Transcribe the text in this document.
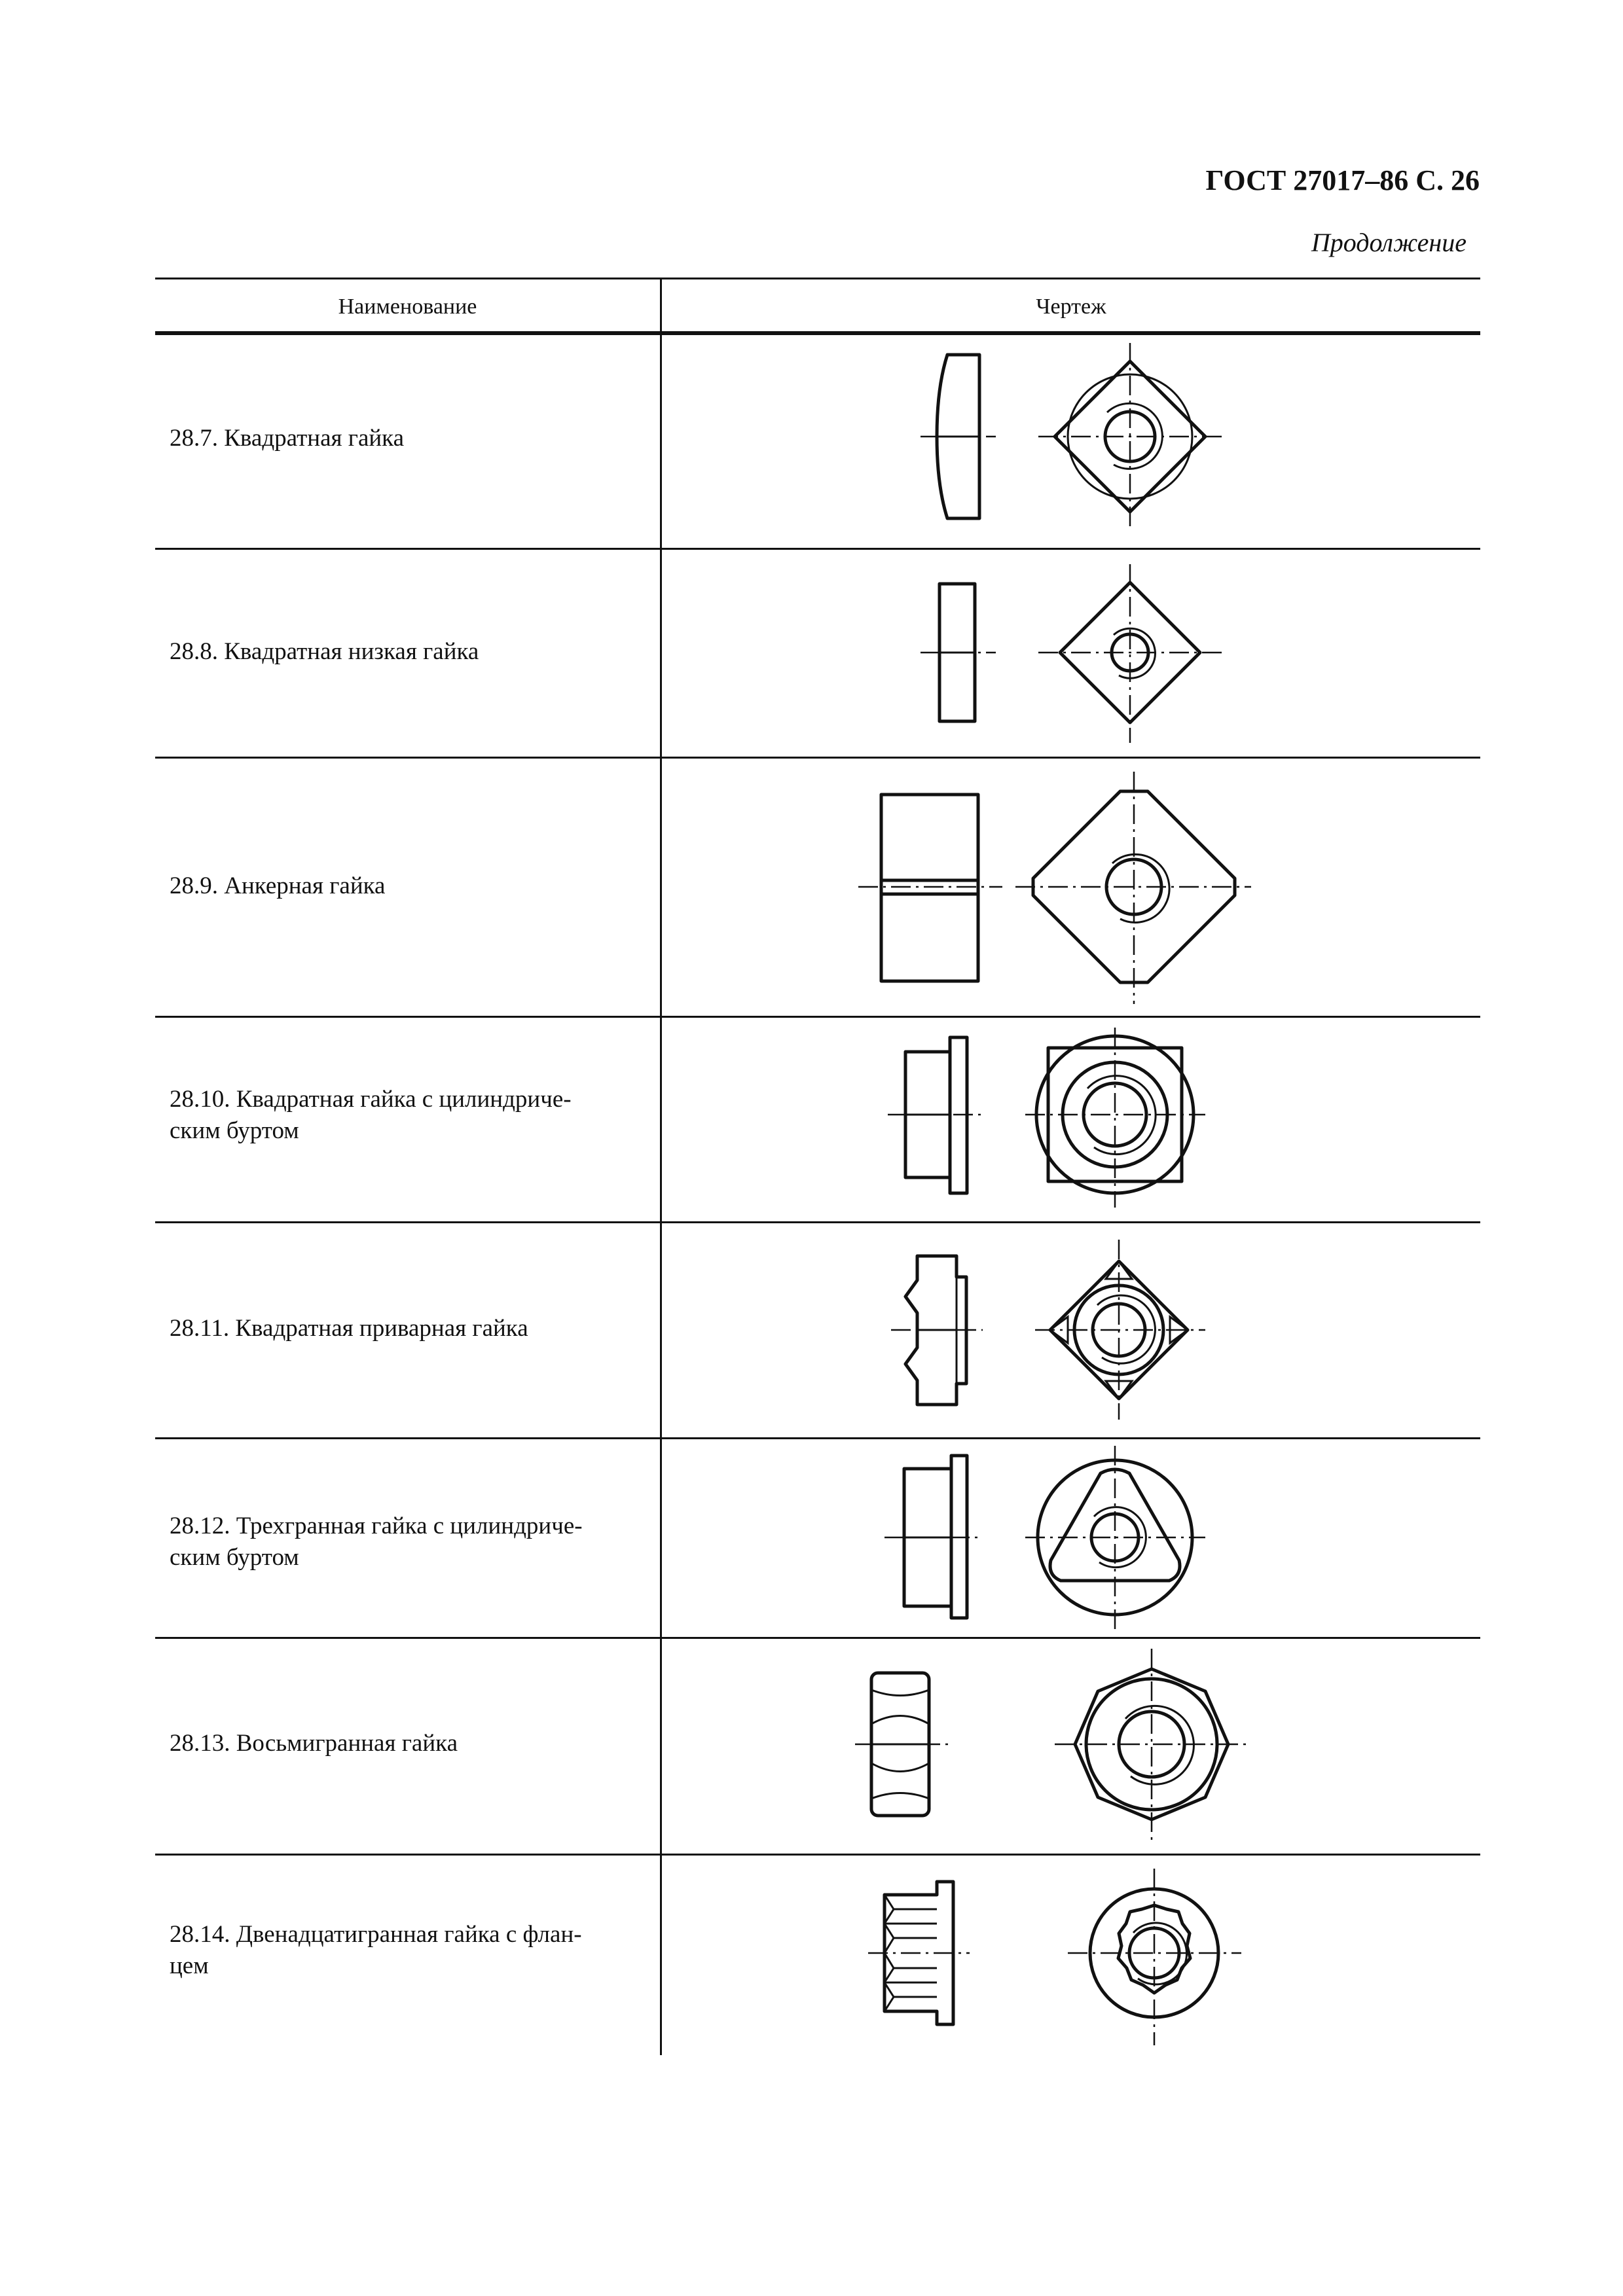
ГОСТ 27017–86 С. 26
Продолжение
Наименование	Чертеж
28.7. Квадратная гайка
28.8. Квадратная низкая гайка
28.9. Анкерная гайка
28.10. Квадратная гайка с цилиндриче-
ским буртом
28.11. Квадратная приварная гайка
28.12. Трехгранная гайка с цилиндриче-
ским буртом
28.13. Восьмигранная гайка
28.14. Двенадцатигранная гайка с флан-
цем
